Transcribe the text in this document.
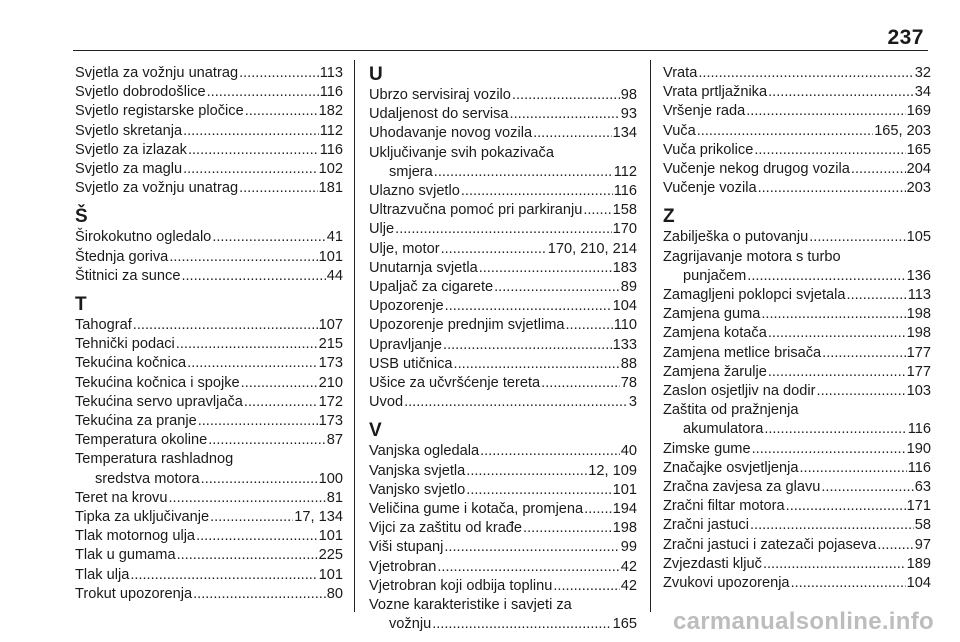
237
Svjetla za vožnju unatrag .....	113
Svjetlo dobrodošlice .....	116
Svjetlo registarske pločice .....	182
Svjetlo skretanja .....	112
Svjetlo za izlazak .....	116
Svjetlo za maglu .....	102
Svjetlo za vožnju unatrag .....	181
Š
Širokokutno ogledalo .....	41
Štednja goriva .....	101
Štitnici za sunce .....	44
T
Tahograf .....	107
Tehnički podaci .....	215
Tekućina kočnica .....	173
Tekućina kočnica i spojke .....	210
Tekućina servo upravljača .....	172
Tekućina za pranje .....	173
Temperatura okoline .....	87
Temperatura rashladnog
sredstva motora .....	100
Teret na krovu .....	81
Tipka za uključivanje .....	17, 134
Tlak motornog ulja .....	101
Tlak u gumama .....	225
Tlak ulja .....	101
Trokut upozorenja .....	80
U
Ubrzo servisiraj vozilo .....	98
Udaljenost do servisa .....	93
Uhodavanje novog vozila .....	134
Uključivanje svih pokazivača
smjera .....	112
Ulazno svjetlo .....	116
Ultrazvučna pomoć pri parkiranju ..... 158
Ulje .....	170
Ulje, motor .....	170, 210, 214
Unutarnja svjetla .....	183
Upaljač za cigarete .....	89
Upozorenje .....	104
Upozorenje prednjim svjetlima .....	110
Upravljanje .....	133
USB utičnica .....	88
Ušice za učvršćenje tereta .....	78
Uvod .....	3
V
Vanjska ogledala .....	40
Vanjska svjetla .....	12, 109
Vanjsko svjetlo .....	101
Veličina gume i kotača, promjena ..... 194
Vijci za zaštitu od krađe .....	198
Viši stupanj .....	99
Vjetrobran .....	42
Vjetrobran koji odbija toplinu .....	42
Vozne karakteristike i savjeti za
vožnju .....	165
Vrata .....	32
Vrata prtljažnika .....	34
Vršenje rada .....	169
Vuča .....	165, 203
Vuča prikolice .....	165
Vučenje nekog drugog vozila .....	204
Vučenje vozila .....	203
Z
Zabilješka o putovanju .....	105
Zagrijavanje motora s turbo
punjačem .....	136
Zamagljeni poklopci svjetala .....	113
Zamjena guma .....	198
Zamjena kotača .....	198
Zamjena metlice brisača .....	177
Zamjena žarulje .....	177
Zaslon osjetljiv na dodir .....	103
Zaštita od pražnjenja
akumulatora .....	116
Zimske gume .....	190
Značajke osvjetljenja .....	116
Zračna zavjesa za glavu .....	63
Zračni filtar motora .....	171
Zračni jastuci .....	58
Zračni jastuci i zatezači pojaseva .....	97
Zvjezdasti ključ .....	189
Zvukovi upozorenja .....	104
carmanualsonline.info
